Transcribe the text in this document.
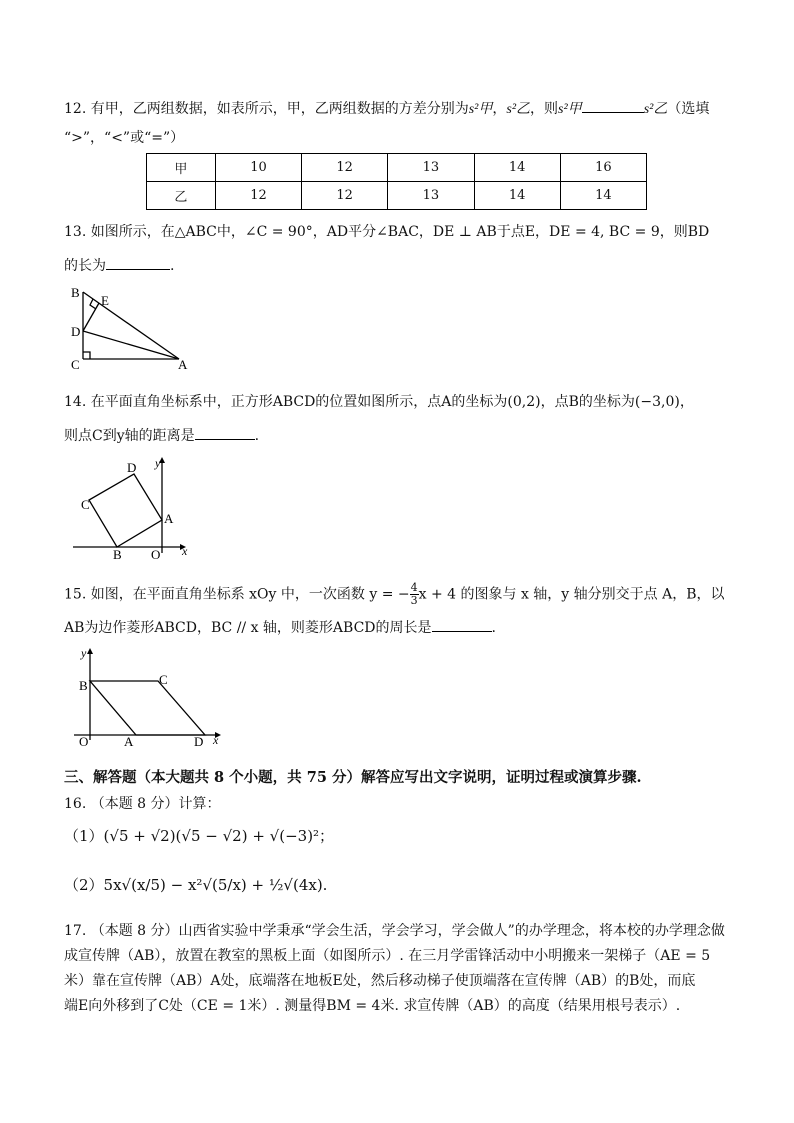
12. 有甲，乙两组数据，如表所示，甲，乙两组数据的方差分别为s²甲，s²乙，则s²甲	s²乙（选填
“>”，“<”或“=”）
甲	10	12	13	14	16
乙	12	12	13	14	14
13. 如图所示，在△ABC中，∠C = 90°，AD平分∠BAC，DE ⊥ AB于点E，DE = 4, BC = 9，则BD
的长为	.
B
E
D
C	A
14. 在平面直角坐标系中，正方形ABCD的位置如图所示，点A的坐标为(0,2)，点B的坐标为(−3,0)，
则点C到y轴的距离是	.
y
x
D
C
A
B O
15. 如图，在平面直角坐标系 xOy 中，一次函数 y = − $\frac{4}{3}$ x + 4 的图象与 x 轴，y 轴分别交于点 A，B，以
AB为边作菱形ABCD，BC // x 轴，则菱形ABCD的周长是	.
y
x
B	C
O	A	D
三、解答题（本大题共 8 个小题，共 75 分）解答应写出文字说明，证明过程或演算步骤.
16. （本题 8 分）计算：
（1）(√5 + √2)(√5 − √2) + √(−3)²；
（2）5x√(x/5) − x²√(5/x) + ½√(4x).
17. （本题 8 分）山西省实验中学秉承“学会生活，学会学习，学会做人”的办学理念，将本校的办学理念做
成宣传牌（AB），放置在教室的黑板上面（如图所示）. 在三月学雷锋活动中小明搬来一架梯子（AE = 5
米）靠在宣传牌（AB）A处，底端落在地板E处，然后移动梯子使顶端落在宣传牌（AB）的B处，而底
端E向外移到了C处（CE = 1米）. 测量得BM = 4米. 求宣传牌（AB）的高度（结果用根号表示）.
